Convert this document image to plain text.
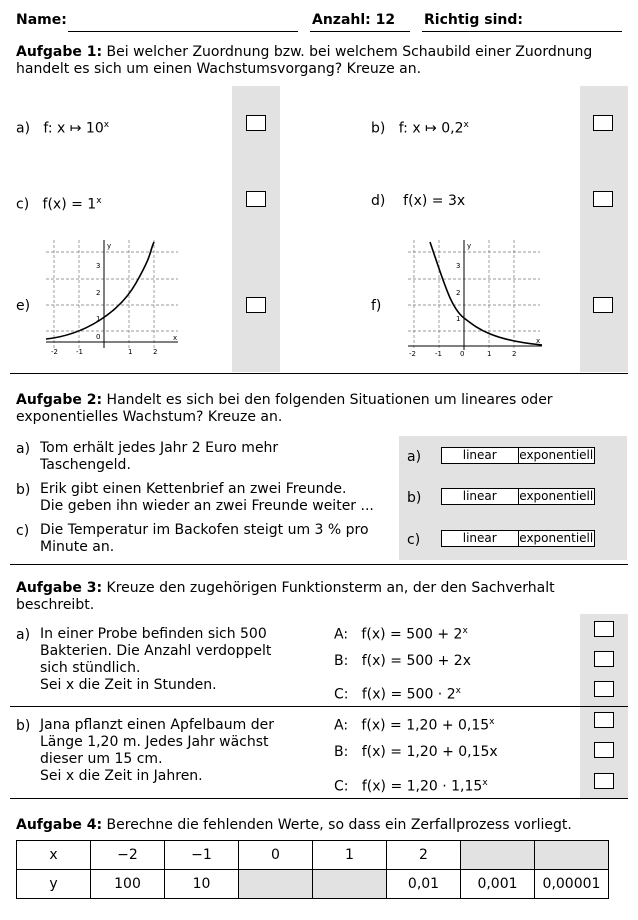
Name:	Anzahl: 12 Richtig sind:
Aufgabe 1: Bei welcher Zuordnung bzw. bei welchem Schaubild einer Zuordnung handelt es sich um einen Wachstumsvorgang? Kreuze an.
a) f: x ↦ 10$^x$	b) f: x ↦ 0,2$^x$
c) $f(x) = 1^x$	d) f(x) = 3x
e)	f)
-2	-1
0
1	2
x
3
2
1
y
-2	-1	0	1	2
x
3
2
1
y
Aufgabe 2: Handelt es sich bei den folgenden Situationen um lineares oder exponentielles Wachstum? Kreuze an.
a) Tom erhält jedes Jahr 2 Euro mehr Taschengeld.
b) Erik gibt einen Kettenbrief an zwei Freunde.
Die geben ihn wieder an zwei Freunde weiter ...
c) Die Temperatur im Backofen steigt um 3 % pro Minute an.
a)	linear	exponentiell
b)	linear	exponentiell
c)	linear	exponentiell
Aufgabe 3: Kreuze den zugehörigen Funktionsterm an, der den Sachverhalt beschreibt.
a) In einer Probe befinden sich 500 Bakterien. Die Anzahl verdoppelt sich stündlich.
Sei x die Zeit in Stunden.
A: $f(x) = 500 + 2^x$
B: f(x) = 500 + 2x
C: $f(x) = 500 \cdot 2^x$
b) Jana pflanzt einen Apfelbaum der Länge 1,20 m. Jedes Jahr wächst dieser um 15 cm.
Sei x die Zeit in Jahren.
A: $f(x) = 1,20 + 0,15^x$
B: f(x) = 1,20 + 0,15x
C: $f(x) = 1,20 \cdot 1,15^x$
Aufgabe 4: Berechne die fehlenden Werte, so dass ein Zerfallprozess vorliegt.
x	−2	−1	0	1	2		
y	100	10			0,01	0,001	0,00001
